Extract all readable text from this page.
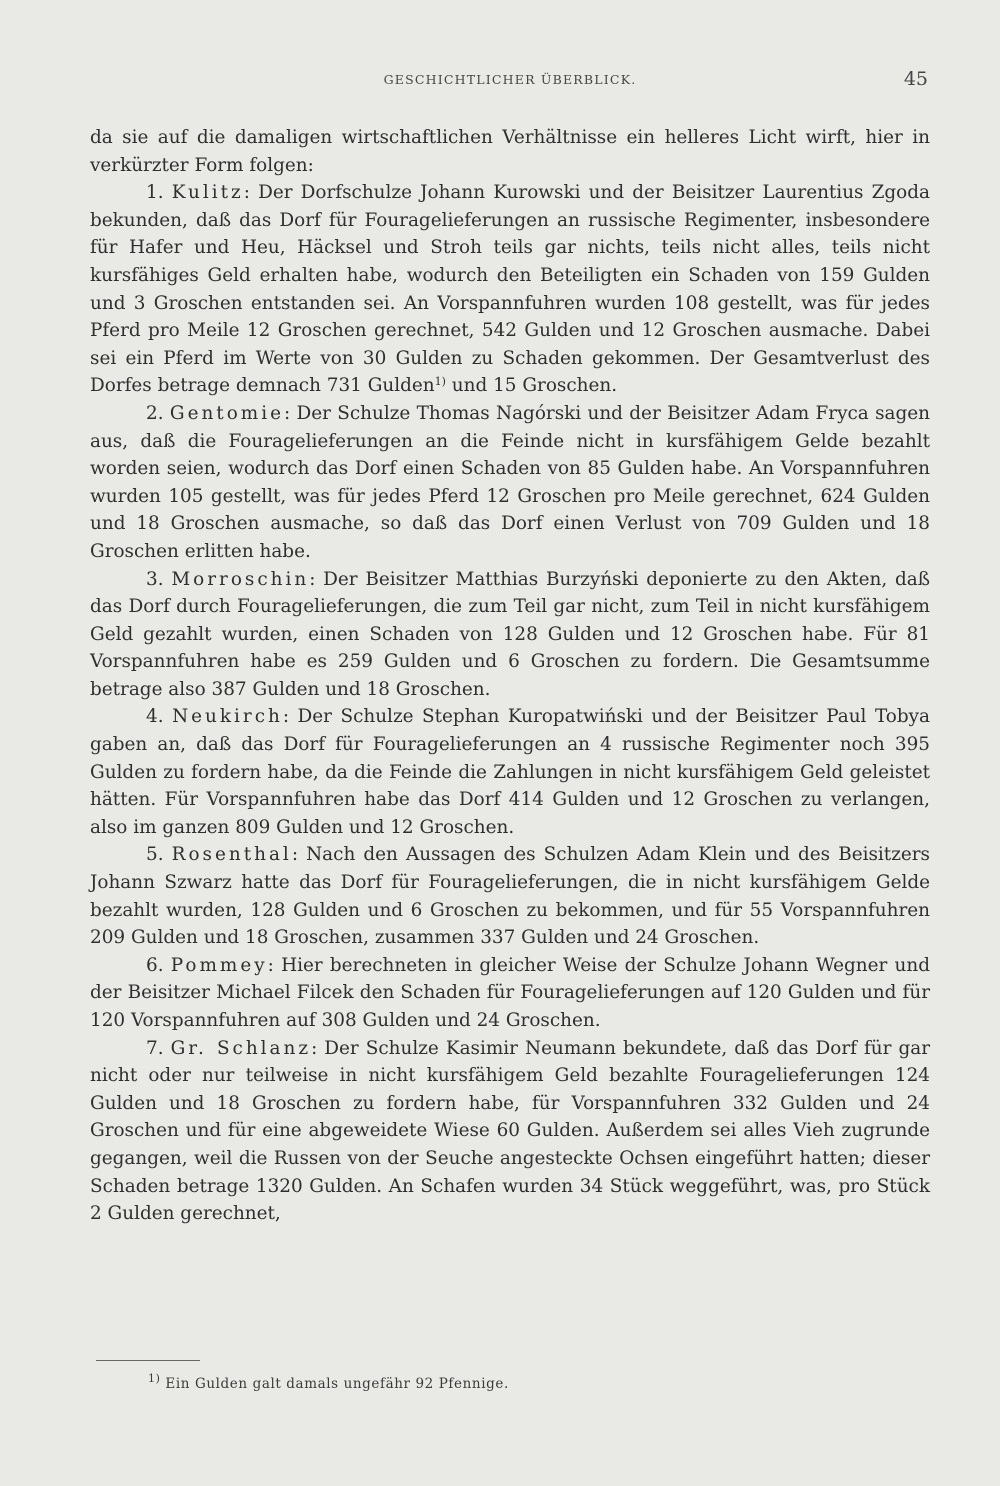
GESCHICHTLICHER ÜBERBLICK.	45

da sie auf die damaligen wirtschaftlichen Verhältnisse ein helleres Licht wirft, hier in verkürzter Form folgen:

1. Kulitz: Der Dorfschulze Johann Kurowski und der Beisitzer Laurentius Zgoda bekunden, daß das Dorf für Fouragelieferungen an russische Regimenter, insbesondere für Hafer und Heu, Häcksel und Stroh teils gar nichts, teils nicht alles, teils nicht kursfähiges Geld erhalten habe, wodurch den Beteiligten ein Schaden von 159 Gulden und 3 Groschen entstanden sei. An Vorspannfuhren wurden 108 gestellt, was für jedes Pferd pro Meile 12 Groschen gerechnet, 542 Gulden und 12 Groschen ausmache. Dabei sei ein Pferd im Werte von 30 Gulden zu Schaden gekommen. Der Gesamtverlust des Dorfes betrage demnach 731 Gulden$^{1)}$ und 15 Groschen.

2. Gentomie: Der Schulze Thomas Nagórski und der Beisitzer Adam Fryca sagen aus, daß die Fouragelieferungen an die Feinde nicht in kursfähigem Gelde bezahlt worden seien, wodurch das Dorf einen Schaden von 85 Gulden habe. An Vorspannfuhren wurden 105 gestellt, was für jedes Pferd 12 Groschen pro Meile gerechnet, 624 Gulden und 18 Groschen ausmache, so daß das Dorf einen Verlust von 709 Gulden und 18 Groschen erlitten habe.

3. Morroschin: Der Beisitzer Matthias Burzyński deponierte zu den Akten, daß das Dorf durch Fouragelieferungen, die zum Teil gar nicht, zum Teil in nicht kursfähigem Geld gezahlt wurden, einen Schaden von 128 Gulden und 12 Groschen habe. Für 81 Vorspannfuhren habe es 259 Gulden und 6 Groschen zu fordern. Die Gesamtsumme betrage also 387 Gulden und 18 Groschen.

4. Neukirch: Der Schulze Stephan Kuropatwiński und der Beisitzer Paul Tobya gaben an, daß das Dorf für Fouragelieferungen an 4 russische Regimenter noch 395 Gulden zu fordern habe, da die Feinde die Zahlungen in nicht kursfähigem Geld geleistet hätten. Für Vorspannfuhren habe das Dorf 414 Gulden und 12 Groschen zu verlangen, also im ganzen 809 Gulden und 12 Groschen.

5. Rosenthal: Nach den Aussagen des Schulzen Adam Klein und des Beisitzers Johann Szwarz hatte das Dorf für Fouragelieferungen, die in nicht kursfähigem Gelde bezahlt wurden, 128 Gulden und 6 Groschen zu bekommen, und für 55 Vorspannfuhren 209 Gulden und 18 Groschen, zusammen 337 Gulden und 24 Groschen.

6. Pommey: Hier berechneten in gleicher Weise der Schulze Johann Wegner und der Beisitzer Michael Filcek den Schaden für Fouragelieferungen auf 120 Gulden und für 120 Vorspannfuhren auf 308 Gulden und 24 Groschen.

7. Gr. Schlanz: Der Schulze Kasimir Neumann bekundete, daß das Dorf für gar nicht oder nur teilweise in nicht kursfähigem Geld bezahlte Fouragelieferungen 124 Gulden und 18 Groschen zu fordern habe, für Vorspannfuhren 332 Gulden und 24 Groschen und für eine abgeweidete Wiese 60 Gulden. Außerdem sei alles Vieh zugrunde gegangen, weil die Russen von der Seuche angesteckte Ochsen eingeführt hatten; dieser Schaden betrage 1320 Gulden. An Schafen wurden 34 Stück weggeführt, was, pro Stück 2 Gulden gerechnet,

$^{1)}$ Ein Gulden galt damals ungefähr 92 Pfennige.
